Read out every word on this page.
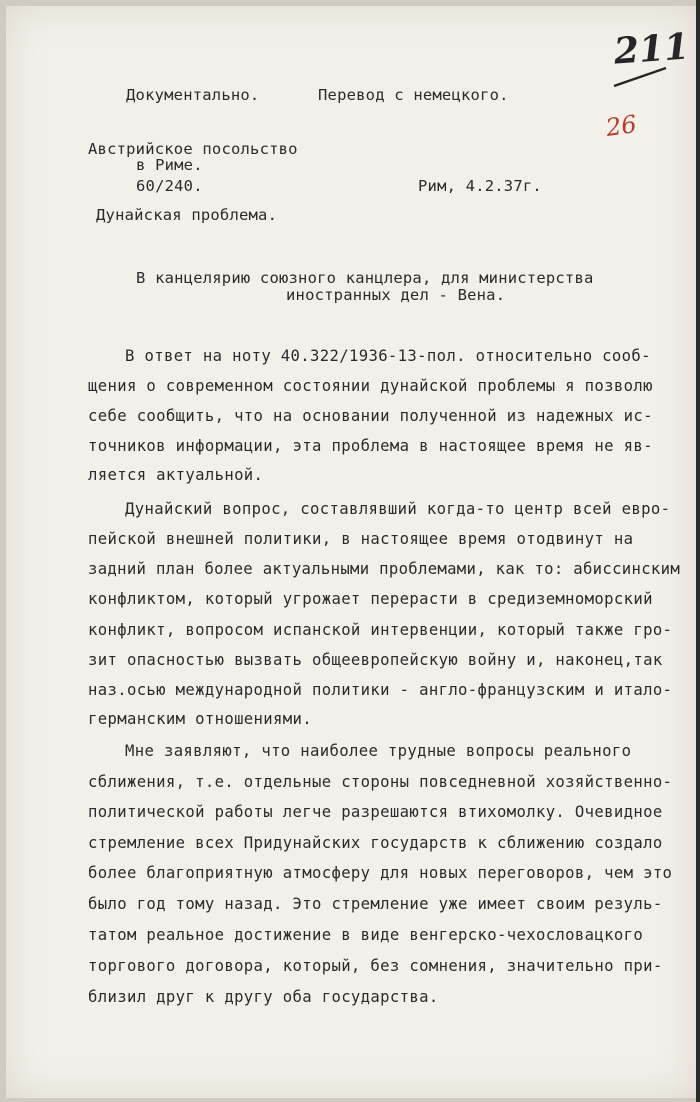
211
26
Документально.	Перевод с немецкого.
Австрийское посольство
в Риме.
60/240.	Рим, 4.2.37г.
Дунайская проблема.
В канцелярию союзного канцлера, для министерства
иностранных дел - Вена.
В ответ на ноту 40.322/1936-13-пол. относительно сооб-
щения о современном состоянии дунайской проблемы я позволю
себе сообщить, что на основании полученной из надежных ис-
точников информации, эта проблема в настоящее время не яв-
ляется актуальной.
Дунайский вопрос, составлявший когда-то центр всей евро-
пейской внешней политики, в настоящее время отодвинут на
задний план более актуальными проблемами, как то: абиссинским
конфликтом, который угрожает перерасти в средиземноморский
конфликт, вопросом испанской интервенции, который также гро-
зит опасностью вызвать общеевропейскую войну и, наконец,так
наз.осью международной политики - англо-французским и итало-
германским отношениями.
Мне заявляют, что наиболее трудные вопросы реального
сближения, т.е. отдельные стороны повседневной хозяйственно-
политической работы легче разрешаются втихомолку. Очевидное
стремление всех Придунайских государств к сближению создало
более благоприятную атмосферу для новых переговоров, чем это
было год тому назад. Это стремление уже имеет своим резуль-
татом реальное достижение в виде венгерско-чехословацкого
торгового договора, который, без сомнения, значительно при-
близил друг к другу оба государства.
